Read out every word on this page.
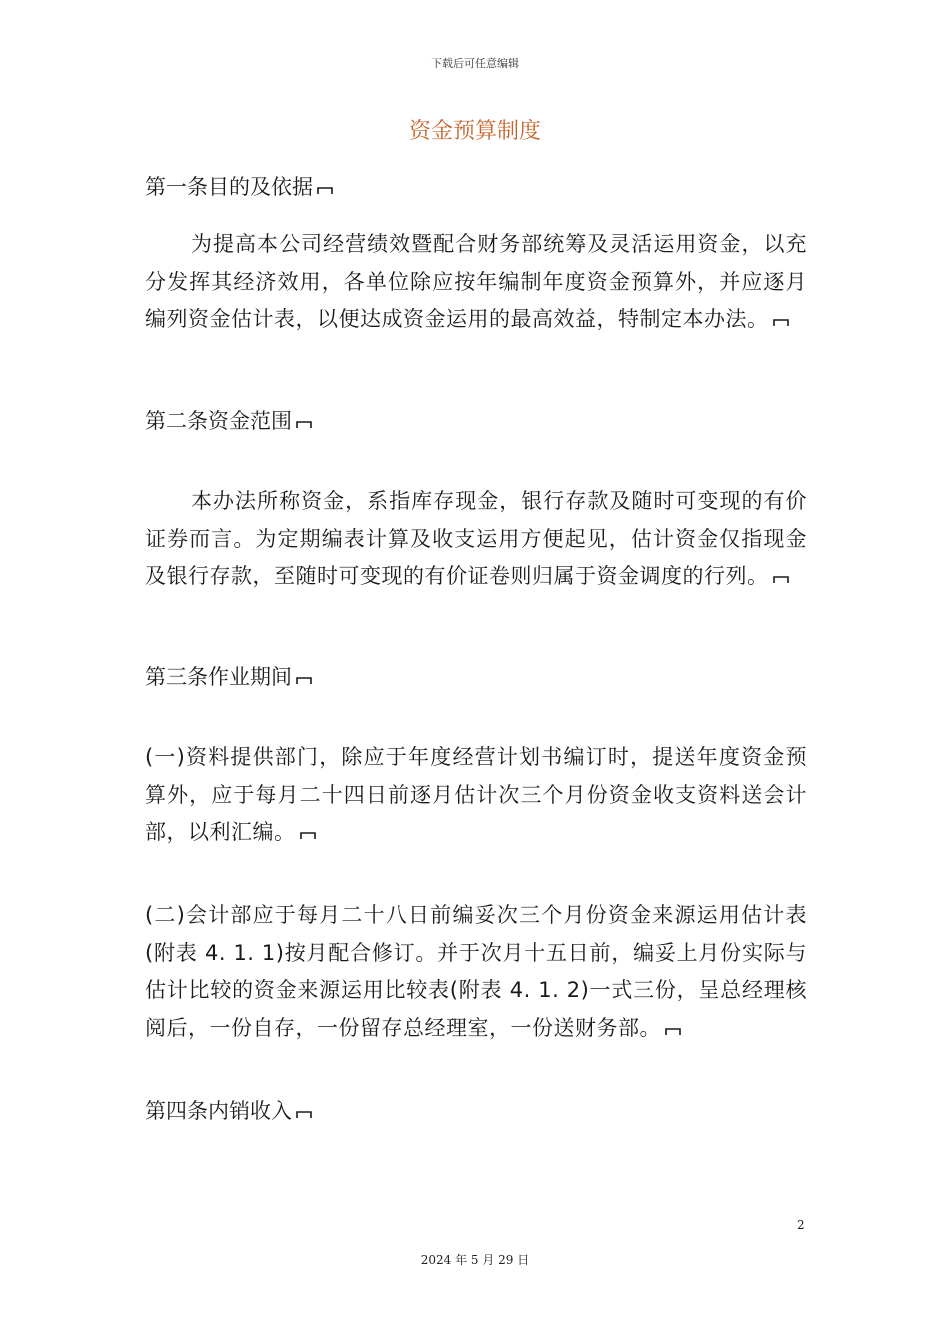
下载后可任意编辑
资金预算制度
第一条目的及依据
为提高本公司经营绩效暨配合财务部统筹及灵活运用资金，以充分发挥其经济效用，各单位除应按年编制年度资金预算外，并应逐月编列资金估计表，以便达成资金运用的最高效益，特制定本办法。
第二条资金范围
本办法所称资金，系指库存现金，银行存款及随时可变现的有价证券而言。为定期编表计算及收支运用方便起见，估计资金仅指现金及银行存款，至随时可变现的有价证卷则归属于资金调度的行列。
第三条作业期间
(一)资料提供部门，除应于年度经营计划书编订时，提送年度资金预算外，应于每月二十四日前逐月估计次三个月份资金收支资料送会计部，以利汇编。
(二)会计部应于每月二十八日前编妥次三个月份资金来源运用估计表(附表 4. 1. 1)按月配合修订。并于次月十五日前，编妥上月份实际与估计比较的资金来源运用比较表(附表 4. 1. 2)一式三份，呈总经理核阅后，一份自存，一份留存总经理室，一份送财务部。
第四条内销收入
2
2024 年 5 月 29 日
